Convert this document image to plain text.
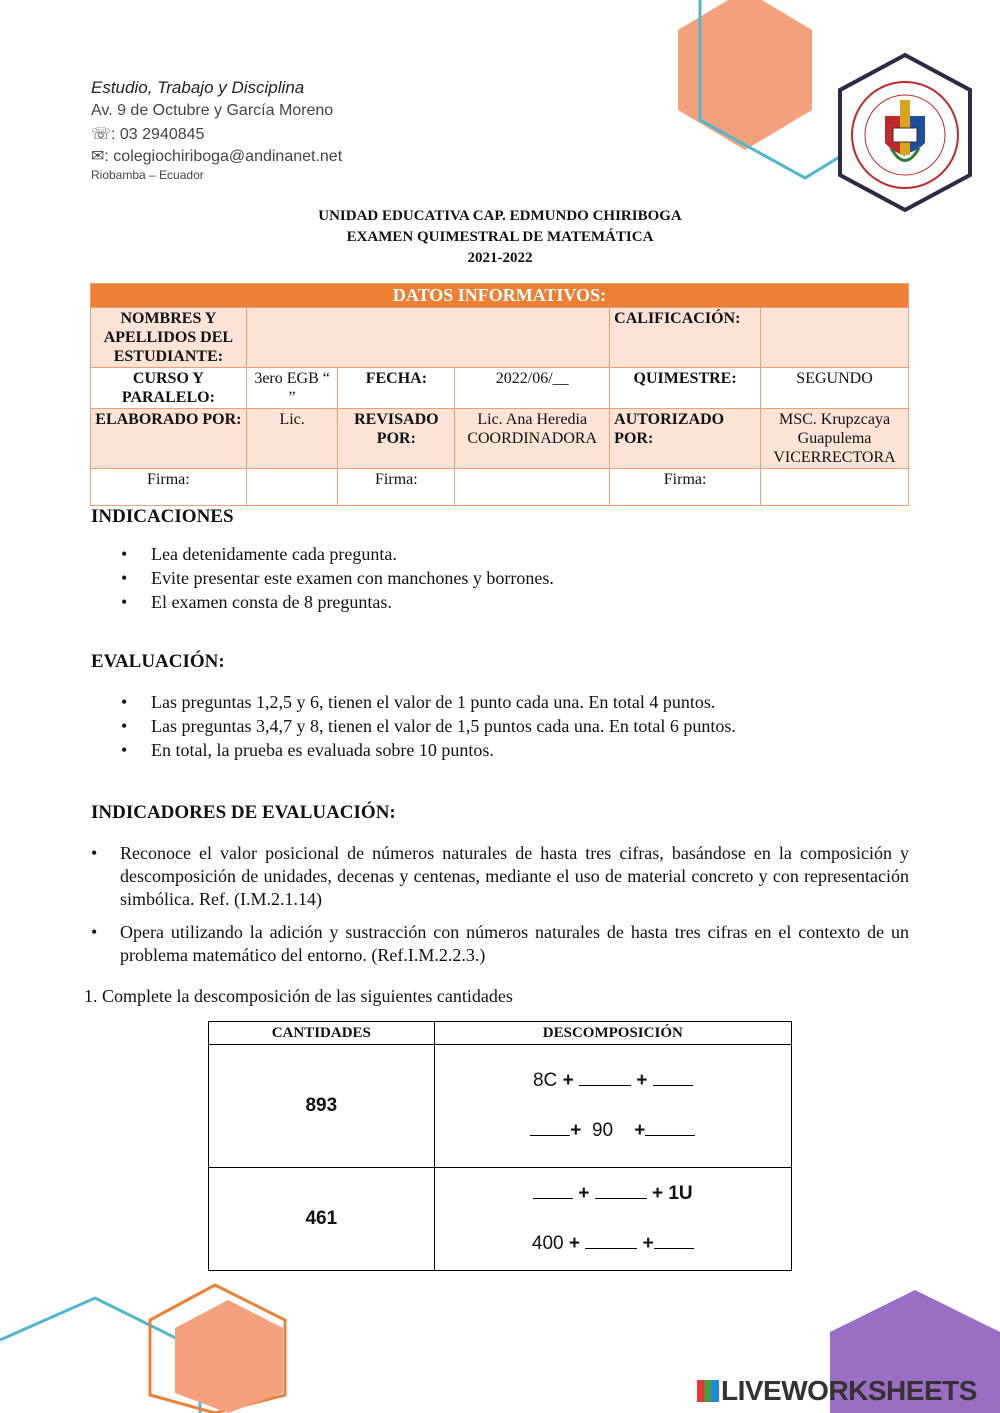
Estudio, Trabajo y Disciplina
Av. 9 de Octubre y García Moreno
☏: 03 2940845
✉: colegiochiriboga@andinanet.net
Riobamba – Ecuador
UNIDAD EDUCATIVA CAP. EDMUNDO CHIRIBOGA
EXAMEN QUIMESTRAL DE MATEMÁTICA
2021-2022
DATOS INFORMATIVOS:					
NOMBRES Y APELLIDOS DEL ESTUDIANTE:				CALIFICACIÓN:	
CURSO Y PARALELO:	3ero EGB “ ”	FECHA:	2022/06/__	QUIMESTRE:	SEGUNDO
ELABORADO POR:	Lic.	REVISADO POR:	Lic. Ana Heredia COORDINADORA	AUTORIZADO POR:	MSC. Krupzcaya Guapulema VICERRECTORA
Firma:		Firma:		Firma:	
INDICACIONES
• Lea detenidamente cada pregunta.
• Evite presentar este examen con manchones y borrones.
• El examen consta de 8 preguntas.
EVALUACIÓN:
• Las preguntas 1,2,5 y 6, tienen el valor de 1 punto cada una. En total 4 puntos.
• Las preguntas 3,4,7 y 8, tienen el valor de 1,5 puntos cada una. En total 6 puntos.
• En total, la prueba es evaluada sobre 10 puntos.
INDICADORES DE EVALUACIÓN:

• Reconoce el valor posicional de números naturales de hasta tres cifras, basándose en la composición y descomposición de unidades, decenas y centenas, mediante el uso de material concreto y con representación simbólica. Ref. (I.M.2.1.14)

• Opera utilizando la adición y sustracción con números naturales de hasta tres cifras en el contexto de un problema matemático del entorno. (Ref.I.M.2.2.3.)

1. Complete la descomposición de las siguientes cantidades
CANTIDADES	DESCOMPOSICIÓN
893	8C + +
+ 90 +

461	+ + 1U
400 + +
LIVEWORKSHEETS
